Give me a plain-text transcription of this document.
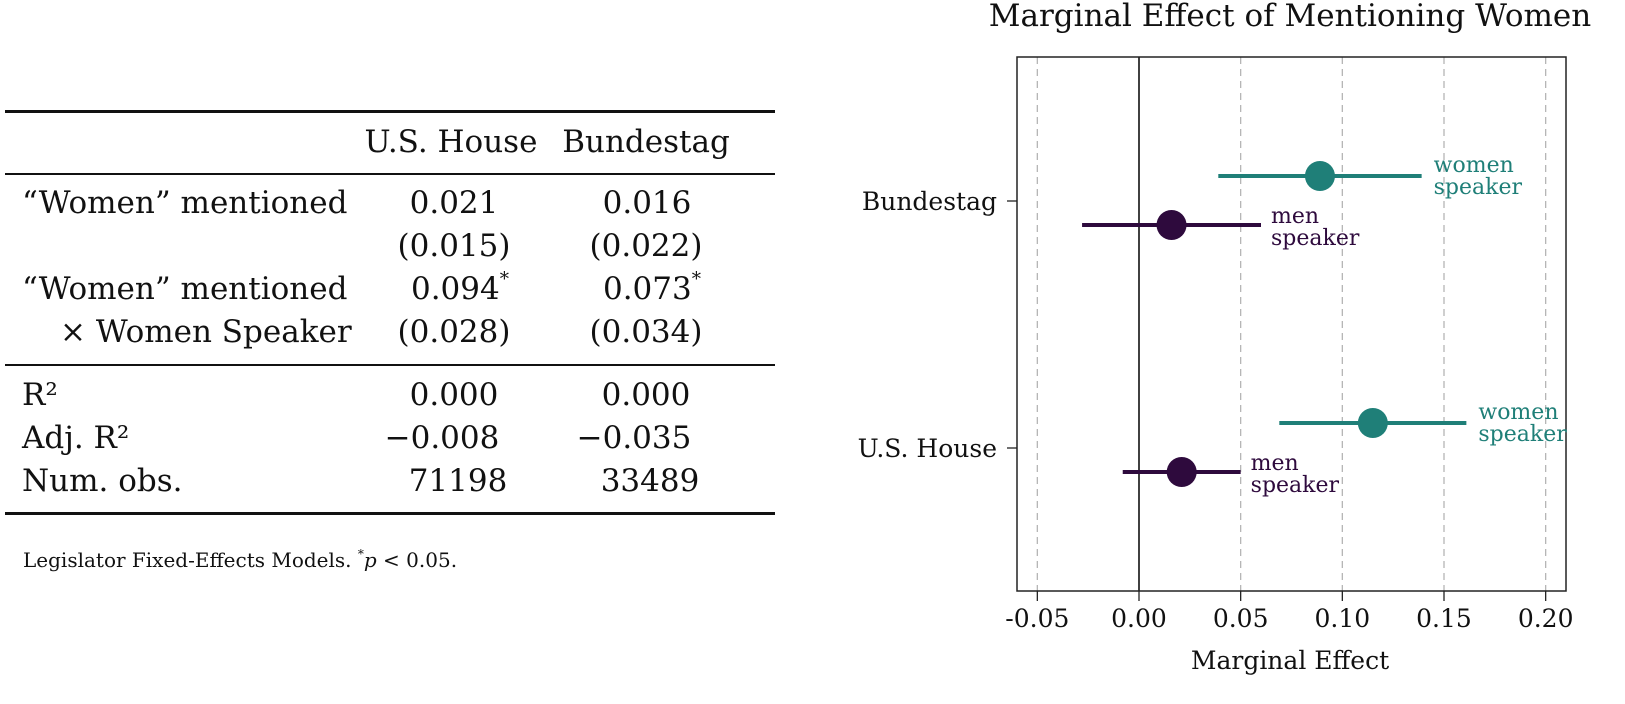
U.S. House Bundestag
“Women” mentioned 0.021	0.016
(0.015)	(0.022)
“Women” mentioned 0.094*	0.073*
× Women Speaker (0.028)	(0.034)
R²	0.000	0.000
Adj. R²	−0.008 −0.035
Num. obs.	71198	33489
Legislator Fixed-Effects Models. *p < 0.05.
Marginal Effect of Mentioning Women
-0.05 0.00 0.05 0.10 0.15 0.20
Bundestag
U.S. House
women
speaker
women
speaker
men
speaker
men
speaker
Marginal Effect
